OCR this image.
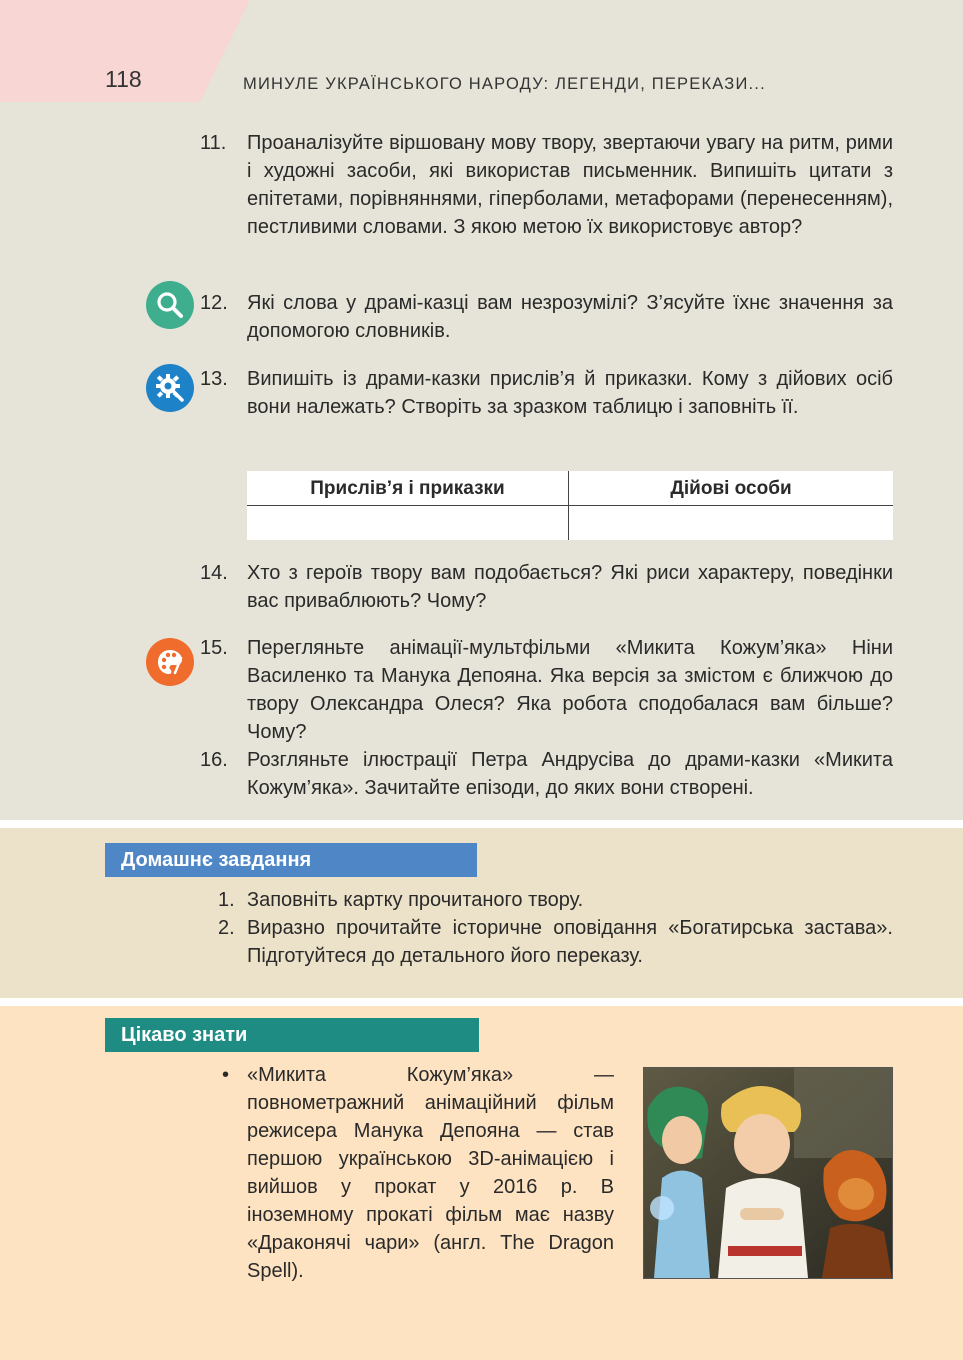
118	МИНУЛЕ УКРАЇНСЬКОГО НАРОДУ: ЛЕГЕНДИ, ПЕРЕКАЗИ...
11.	Проаналізуйте віршовану мову твору, звертаючи увагу на ритм, рими і художні засоби, які використав письменник. Випишіть цитати з епітетами, порівняннями, гіперболами, метафорами (перенесенням), пестливими словами. З якою метою їх використовує автор?
12. Які слова у драмі-казці вам незрозумілі? З’ясуйте їхнє значення за допомогою словників.
13. Випишіть із драми-казки прислів’я й приказки. Кому з дійових осіб вони належать? Створіть за зразком таблицю і заповніть її.
Прислів’я і приказки	Дійові особи
14. Хто з героїв твору вам подобається? Які риси характеру, поведінки вас приваблюють? Чому?
15. Перегляньте анімації-мультфільми «Микита Кожум’яка» Ніни Василенко та Манука Депояна. Яка версія за змістом є ближчою до твору Олександра Олеся? Яка робота сподобалася вам більше? Чому?
16. Розгляньте ілюстрації Петра Андрусіва до драми-казки «Микита Кожум’яка». Зачитайте епізоди, до яких вони створені.
Домашнє завдання
1. Заповніть картку прочитаного твору.
2. Виразно прочитайте історичне оповідання «Богатирська застава». Підготуйтеся до детального його переказу.
Цікаво знати
• «Микита Кожум’яка» — повнометражний анімаційний фільм режисера Манука Депояна — став першою українською 3D-анімацією і вийшов у прокат у 2016 р. В іноземному прокаті фільм має назву «Драконячі чари» (англ. The Dragon Spell).
